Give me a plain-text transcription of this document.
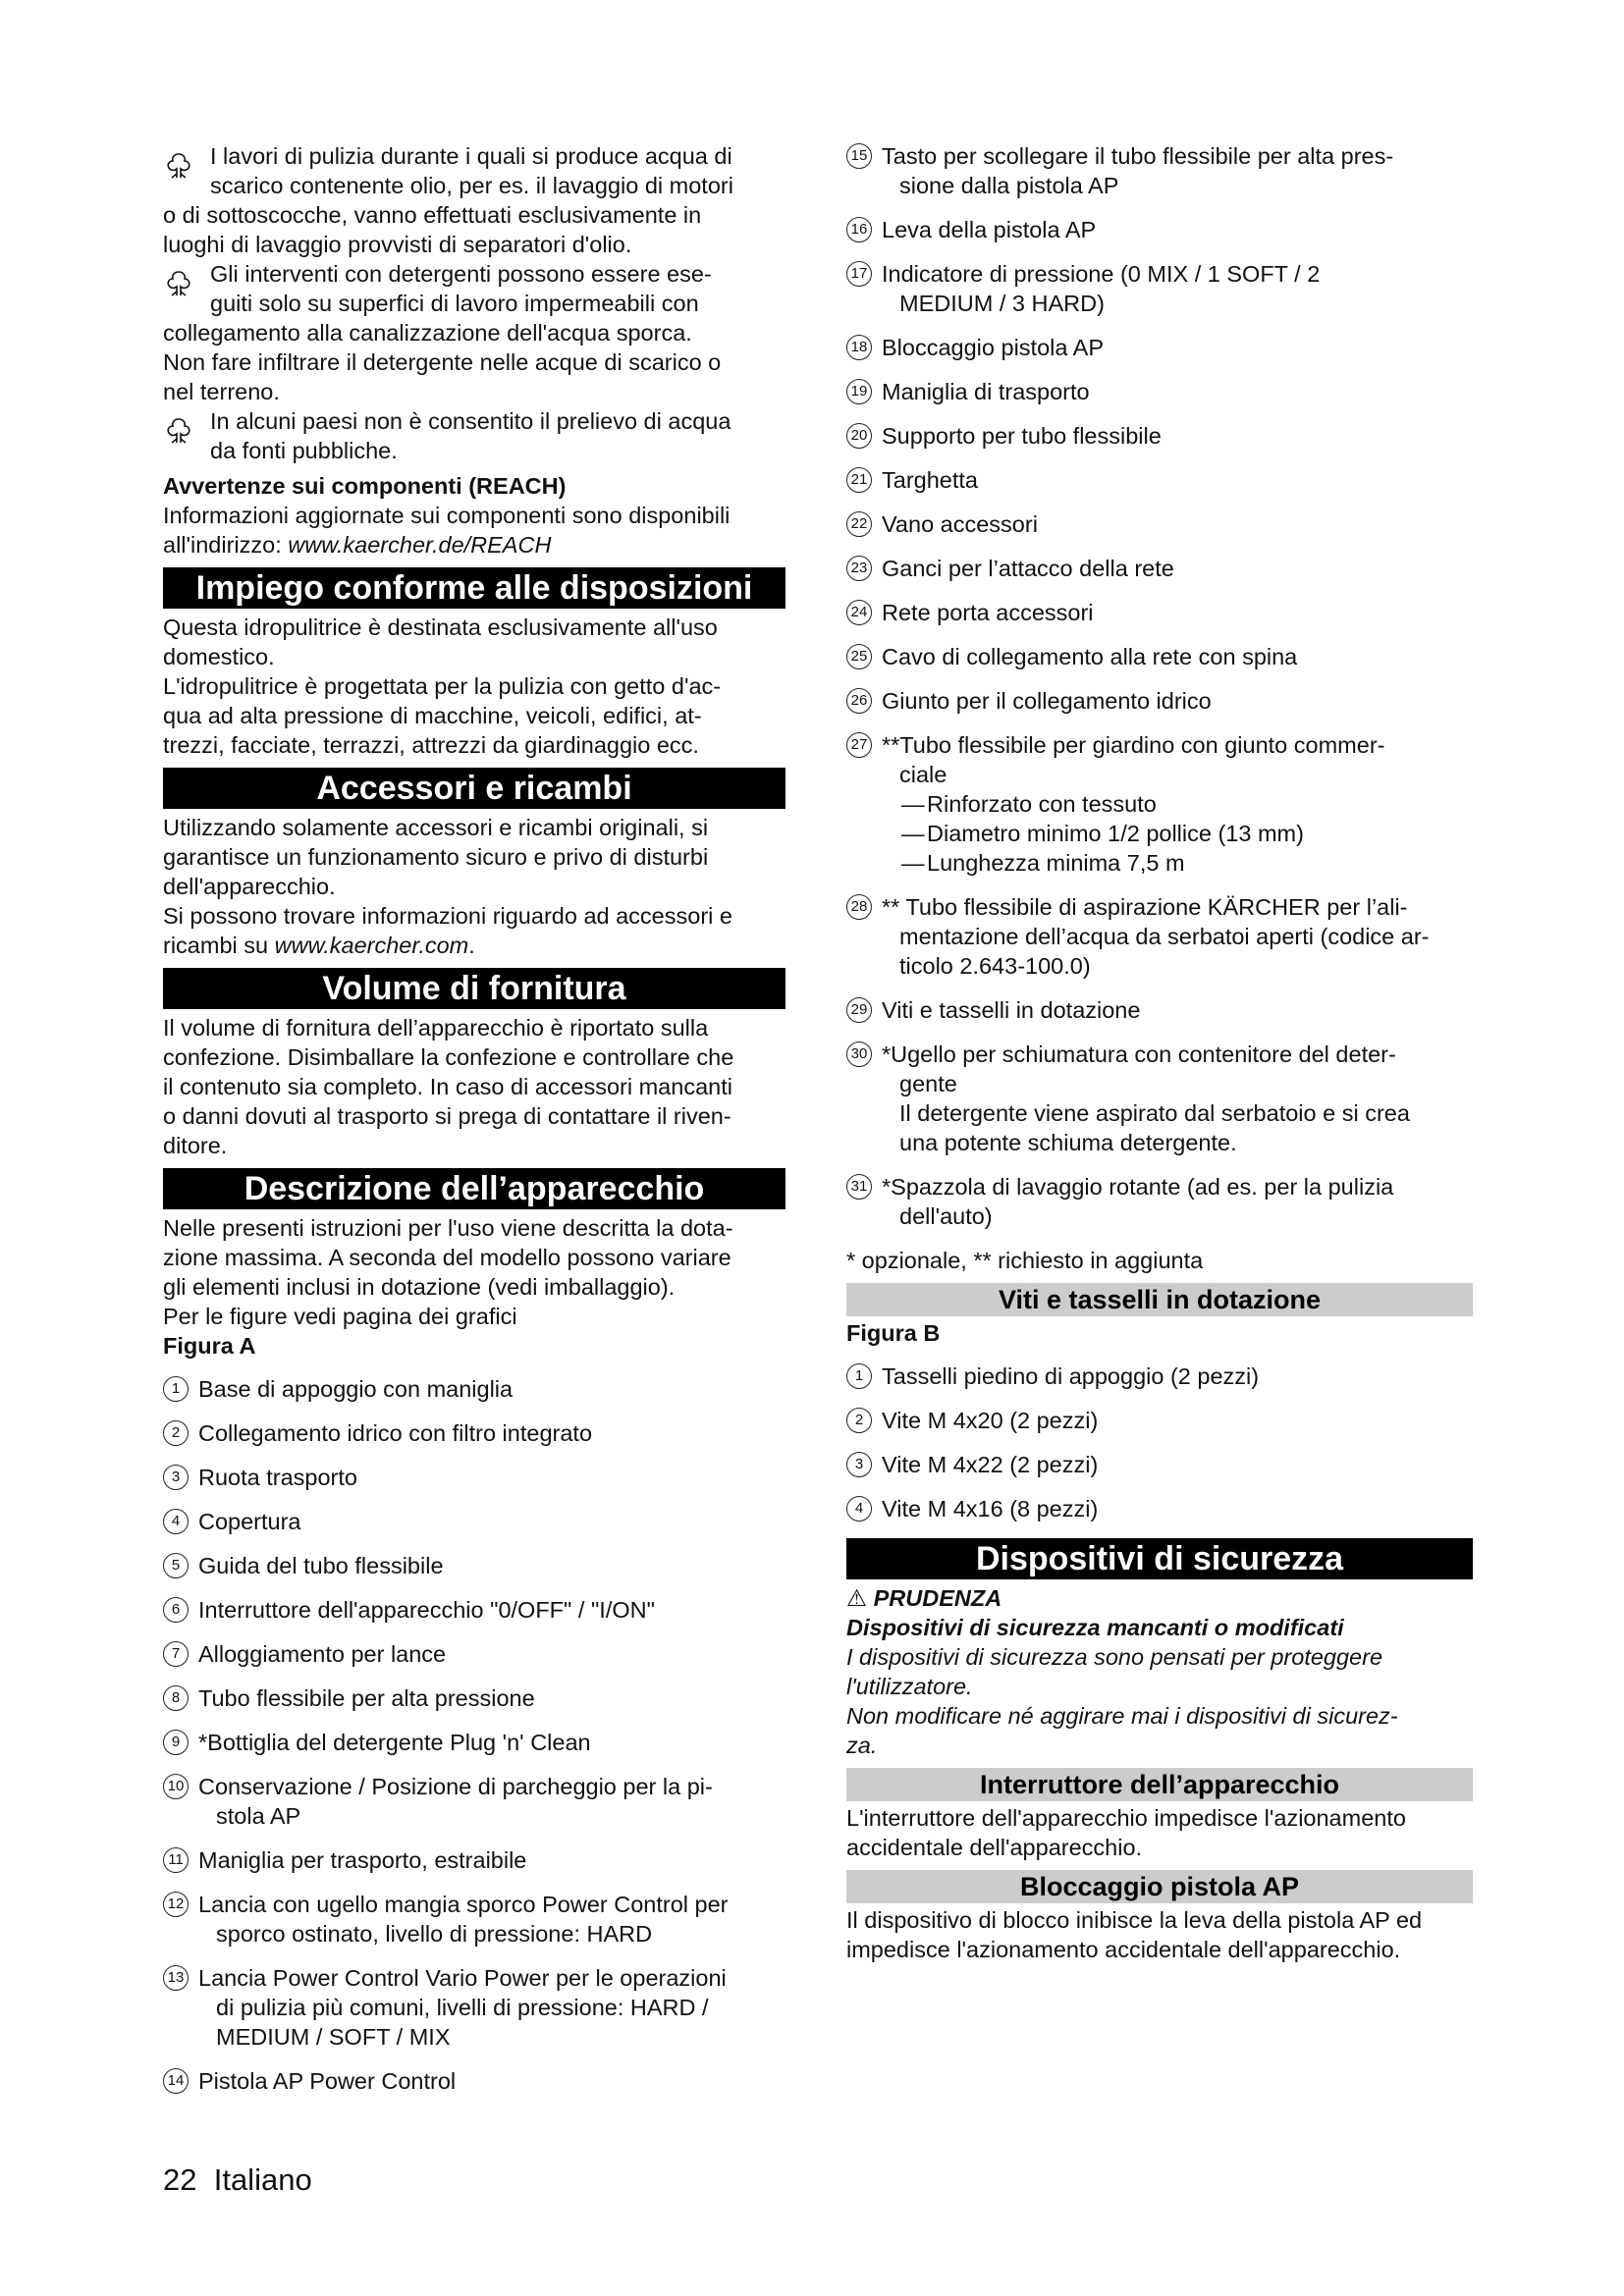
I lavori di pulizia durante i quali si produce acqua di

scarico contenente olio, per es. il lavaggio di motori

o di sottoscocche, vanno effettuati esclusivamente in

luoghi di lavaggio provvisti di separatori d'olio.

Gli interventi con detergenti possono essere ese-

guiti solo su superfici di lavoro impermeabili con

collegamento alla canalizzazione dell'acqua sporca.

Non fare infiltrare il detergente nelle acque di scarico o

nel terreno.

In alcuni paesi non è consentito il prelievo di acqua

da fonti pubbliche.

Avvertenze sui componenti (REACH)

Informazioni aggiornate sui componenti sono disponibili

all'indirizzo: www.kaercher.de/REACH

Impiego conforme alle disposizioni

Questa idropulitrice è destinata esclusivamente all'uso

domestico.

L'idropulitrice è progettata per la pulizia con getto d'ac-

qua ad alta pressione di macchine, veicoli, edifici, at-

trezzi, facciate, terrazzi, attrezzi da giardinaggio ecc.

Accessori e ricambi

Utilizzando solamente accessori e ricambi originali, si

garantisce un funzionamento sicuro e privo di disturbi

dell'apparecchio.

Si possono trovare informazioni riguardo ad accessori e

ricambi su www.kaercher.com.

Volume di fornitura

Il volume di fornitura dell’apparecchio è riportato sulla

confezione. Disimballare la confezione e controllare che

il contenuto sia completo. In caso di accessori mancanti

o danni dovuti al trasporto si prega di contattare il riven-

ditore.

Descrizione dell’apparecchio

Nelle presenti istruzioni per l'uso viene descritta la dota-

zione massima. A seconda del modello possono variare

gli elementi inclusi in dotazione (vedi imballaggio).

Per le figure vedi pagina dei grafici

Figura A

1 Base di appoggio con maniglia

2 Collegamento idrico con filtro integrato

3 Ruota trasporto

4 Copertura

5 Guida del tubo flessibile

6 Interruttore dell'apparecchio "0/OFF" / "I/ON"

7 Alloggiamento per lance

8 Tubo flessibile per alta pressione

9 *Bottiglia del detergente Plug 'n' Clean

10 Conservazione / Posizione di parcheggio per la pi-

stola AP

11 Maniglia per trasporto, estraibile

12 Lancia con ugello mangia sporco Power Control per

sporco ostinato, livello di pressione: HARD

13 Lancia Power Control Vario Power per le operazioni

di pulizia più comuni, livelli di pressione: HARD /

MEDIUM / SOFT / MIX

14 Pistola AP Power Control

15 Tasto per scollegare il tubo flessibile per alta pres-

sione dalla pistola AP

16 Leva della pistola AP

17 Indicatore di pressione (0 MIX / 1 SOFT / 2

MEDIUM / 3 HARD)

18 Bloccaggio pistola AP

19 Maniglia di trasporto

20 Supporto per tubo flessibile

21 Targhetta

22 Vano accessori

23 Ganci per l’attacco della rete

24 Rete porta accessori

25 Cavo di collegamento alla rete con spina

26 Giunto per il collegamento idrico

27 **Tubo flessibile per giardino con giunto commer-

ciale

— Rinforzato con tessuto

— Diametro minimo 1/2 pollice (13 mm)

— Lunghezza minima 7,5 m

28 ** Tubo flessibile di aspirazione KÄRCHER per l’ali-

mentazione dell’acqua da serbatoi aperti (codice ar-

ticolo 2.643-100.0)

29 Viti e tasselli in dotazione

30 *Ugello per schiumatura con contenitore del deter-

gente

Il detergente viene aspirato dal serbatoio e si crea

una potente schiuma detergente.

31 *Spazzola di lavaggio rotante (ad es. per la pulizia

dell'auto)

* opzionale, ** richiesto in aggiunta

Viti e tasselli in dotazione

Figura B

1 Tasselli piedino di appoggio (2 pezzi)

2 Vite M 4x20 (2 pezzi)

3 Vite M 4x22 (2 pezzi)

4 Vite M 4x16 (8 pezzi)

Dispositivi di sicurezza

⚠ PRUDENZA

Dispositivi di sicurezza mancanti o modificati

I dispositivi di sicurezza sono pensati per proteggere

l'utilizzatore.

Non modificare né aggirare mai i dispositivi di sicurez-

za.

Interruttore dell’apparecchio

L'interruttore dell'apparecchio impedisce l'azionamento

accidentale dell'apparecchio.

Bloccaggio pistola AP

Il dispositivo di blocco inibisce la leva della pistola AP ed

impedisce l'azionamento accidentale dell'apparecchio.

22 Italiano
